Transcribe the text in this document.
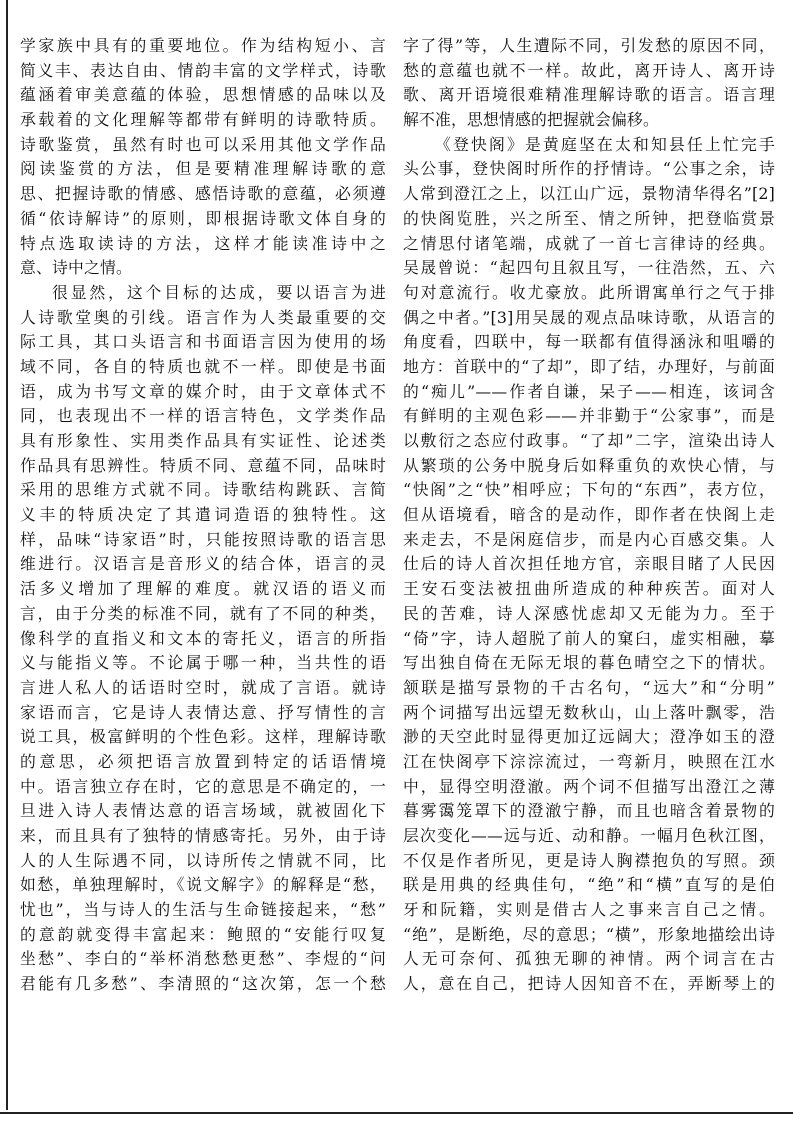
学家族中具有的重要地位。作为结构短小、言
简义丰、表达自由、情韵丰富的文学样式，诗歌
蕴涵着审美意蕴的体验，思想情感的品味以及
承载着的文化理解等都带有鲜明的诗歌特质。
诗歌鉴赏，虽然有时也可以采用其他文学作品
阅读鉴赏的方法，但是要精准理解诗歌的意
思、把握诗歌的情感、感悟诗歌的意蕴，必须遵
循“依诗解诗”的原则，即根据诗歌文体自身的
特点选取读诗的方法，这样才能读准诗中之
意、诗中之情。
很显然，这个目标的达成，要以语言为进
人诗歌堂奥的引线。语言作为人类最重要的交
际工具，其口头语言和书面语言因为使用的场
域不同，各自的特质也就不一样。即使是书面
语，成为书写文章的媒介时，由于文章体式不
同，也表现出不一样的语言特色，文学类作品
具有形象性、实用类作品具有实证性、论述类
作品具有思辨性。特质不同、意蕴不同，品味时
采用的思维方式就不同。诗歌结构跳跃、言简
义丰的特质决定了其遣词造语的独特性。这
样，品味“诗家语”时，只能按照诗歌的语言思
维进行。汉语言是音形义的结合体，语言的灵
活多义增加了理解的难度。就汉语的语义而
言，由于分类的标准不同，就有了不同的种类，
像科学的直指义和文本的寄托义，语言的所指
义与能指义等。不论属于哪一种，当共性的语
言进人私人的话语时空时，就成了言语。就诗
家语而言，它是诗人表情达意、抒写情性的言
说工具，极富鲜明的个性色彩。这样，理解诗歌
的意思，必须把语言放置到特定的话语情境
中。语言独立存在时，它的意思是不确定的，一
旦进入诗人表情达意的语言场域，就被固化下
来，而且具有了独特的情感寄托。另外，由于诗
人的人生际遇不同，以诗所传之情就不同，比
如愁，单独理解时，《说文解字》的解释是“愁，
忧也”，当与诗人的生活与生命链接起来，“愁”
的意韵就变得丰富起来：鲍照的“安能行叹复
坐愁”、李白的“举杯消愁愁更愁”、李煜的“问
君能有几多愁”、李清照的“这次第，怎一个愁
字了得”等，人生遭际不同，引发愁的原因不同，
愁的意蕴也就不一样。故此，离开诗人、离开诗
歌、离开语境很难精准理解诗歌的语言。语言理
解不准，思想情感的把握就会偏移。
《登快阁》是黄庭坚在太和知县任上忙完手
头公事，登快阁时所作的抒情诗。“公事之余，诗
人常到澄江之上，以江山广远，景物清华得名”[2]
的快阁览胜，兴之所至、情之所钟，把登临赏景
之情思付诸笔端，成就了一首七言律诗的经典。
吴晟曾说：“起四句且叙且写，一往浩然，五、六
句对意流行。收尤豪放。此所谓寓单行之气于排
偶之中者。”[3]用吴晟的观点品味诗歌，从语言的
角度看，四联中，每一联都有值得涵泳和咀嚼的
地方：首联中的“了却”，即了结，办理好，与前面
的“痴儿”——作者自谦，呆子——相连，该词含
有鲜明的主观色彩——并非勤于“公家事”，而是
以敷衍之态应付政事。“了却”二字，渲染出诗人
从繁琐的公务中脱身后如释重负的欢快心情，与
“快阁”之“快”相呼应；下句的“东西”，表方位，
但从语境看，暗含的是动作，即作者在快阁上走
来走去，不是闲庭信步，而是内心百感交集。人
仕后的诗人首次担任地方官，亲眼目睹了人民因
王安石变法被扭曲所造成的种种疾苦。面对人
民的苦难，诗人深感忧虑却又无能为力。至于
“倚”字，诗人超脱了前人的窠臼，虚实相融，摹
写出独自倚在无际无垠的暮色晴空之下的情状。
颔联是描写景物的千古名句，“远大”和“分明”
两个词描写出远望无数秋山，山上落叶飘零，浩
渺的天空此时显得更加辽远阔大；澄净如玉的澄
江在快阁亭下淙淙流过，一弯新月，映照在江水
中，显得空明澄澈。两个词不但描写出澄江之薄
暮雾霭笼罩下的澄澈宁静，而且也暗含着景物的
层次变化——远与近、动和静。一幅月色秋江图，
不仅是作者所见，更是诗人胸襟抱负的写照。颈
联是用典的经典佳句，“绝”和“横”直写的是伯
牙和阮籍，实则是借古人之事来言自己之情。
“绝”，是断绝，尽的意思；“横”，形象地描绘出诗
人无可奈何、孤独无聊的神情。两个词言在古
人，意在自己，把诗人因知音不在，弄断琴上的
